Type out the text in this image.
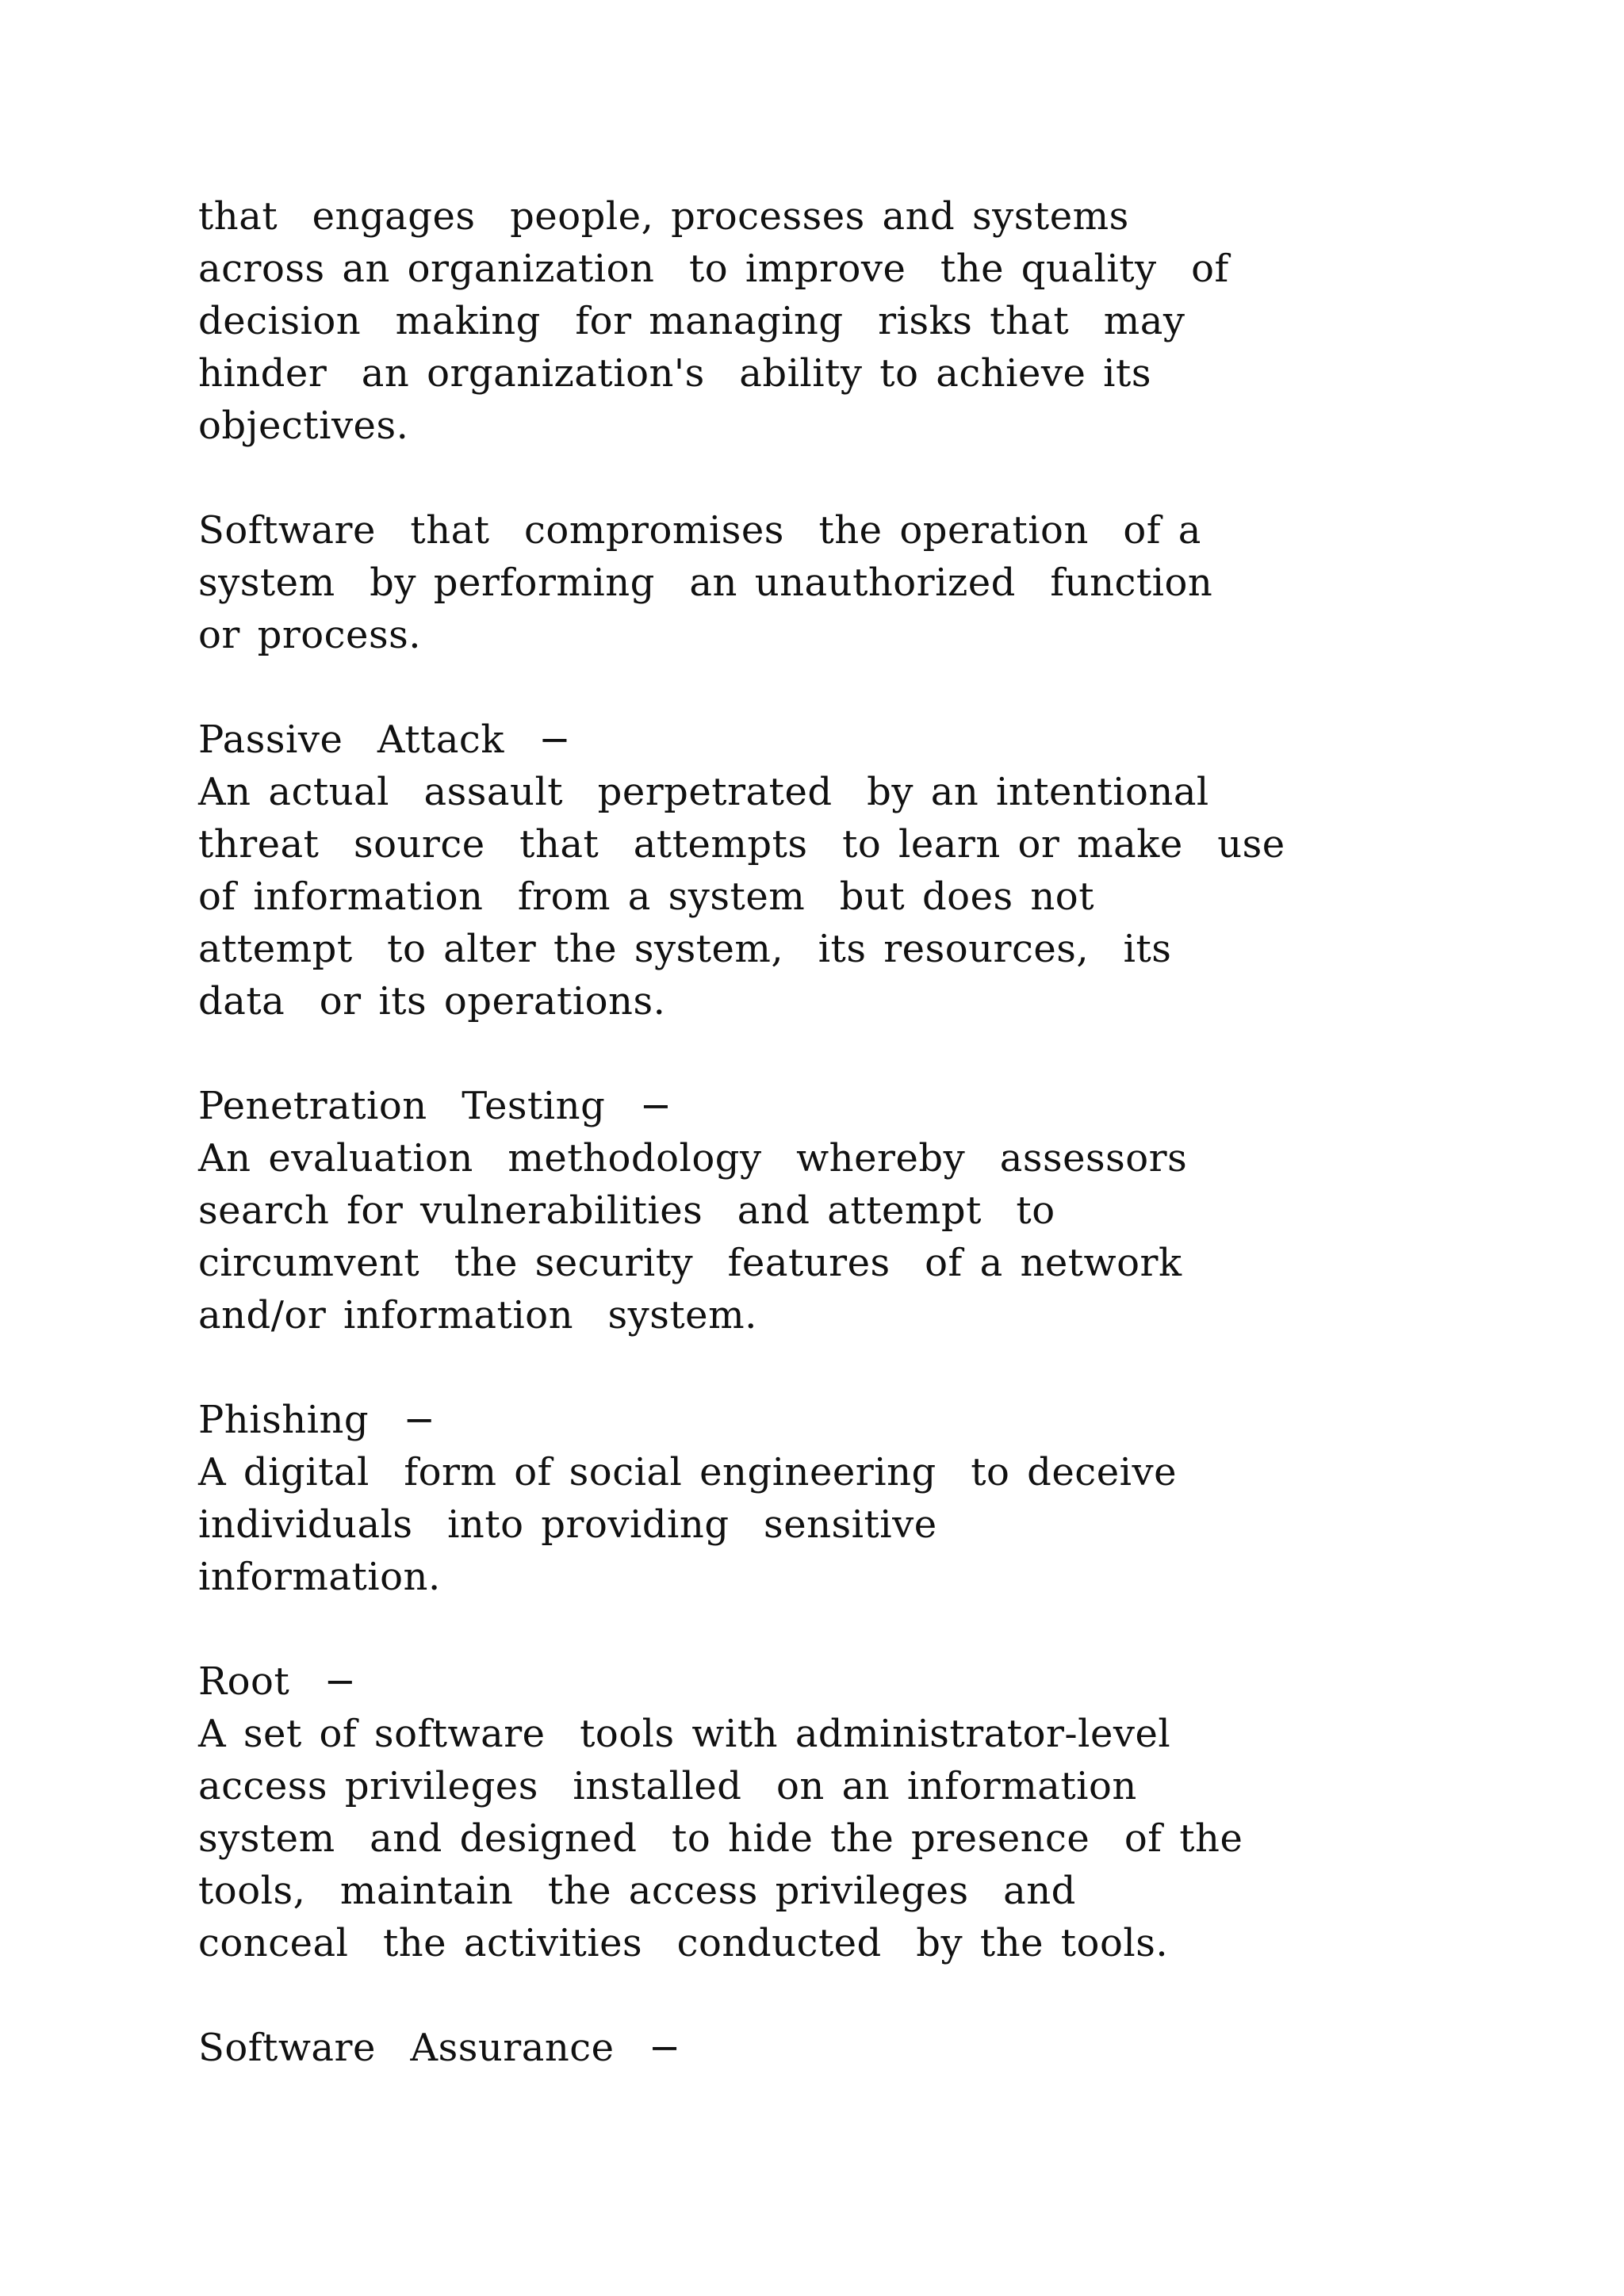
that  engages  people, processes and systems
across an organization  to improve  the quality  of
decision  making  for managing  risks that  may
hinder  an organization's  ability to achieve its
objectives.
Software  that  compromises  the operation  of a
system  by performing  an unauthorized  function
or process.
Passive  Attack  −
An actual  assault  perpetrated  by an intentional
threat  source  that  attempts  to learn or make  use
of information  from a system  but does not
attempt  to alter the system,  its resources,  its
data  or its operations.
Penetration  Testing  −
An evaluation  methodology  whereby  assessors
search for vulnerabilities  and attempt  to
circumvent  the security  features  of a network
and/or information  system.
Phishing  −
A digital  form of social engineering  to deceive
individuals  into providing  sensitive
information.
Root  −
A set of software  tools with administrator-level
access privileges  installed  on an information
system  and designed  to hide the presence  of the
tools,  maintain  the access privileges  and
conceal  the activities  conducted  by the tools.
Software  Assurance  −
